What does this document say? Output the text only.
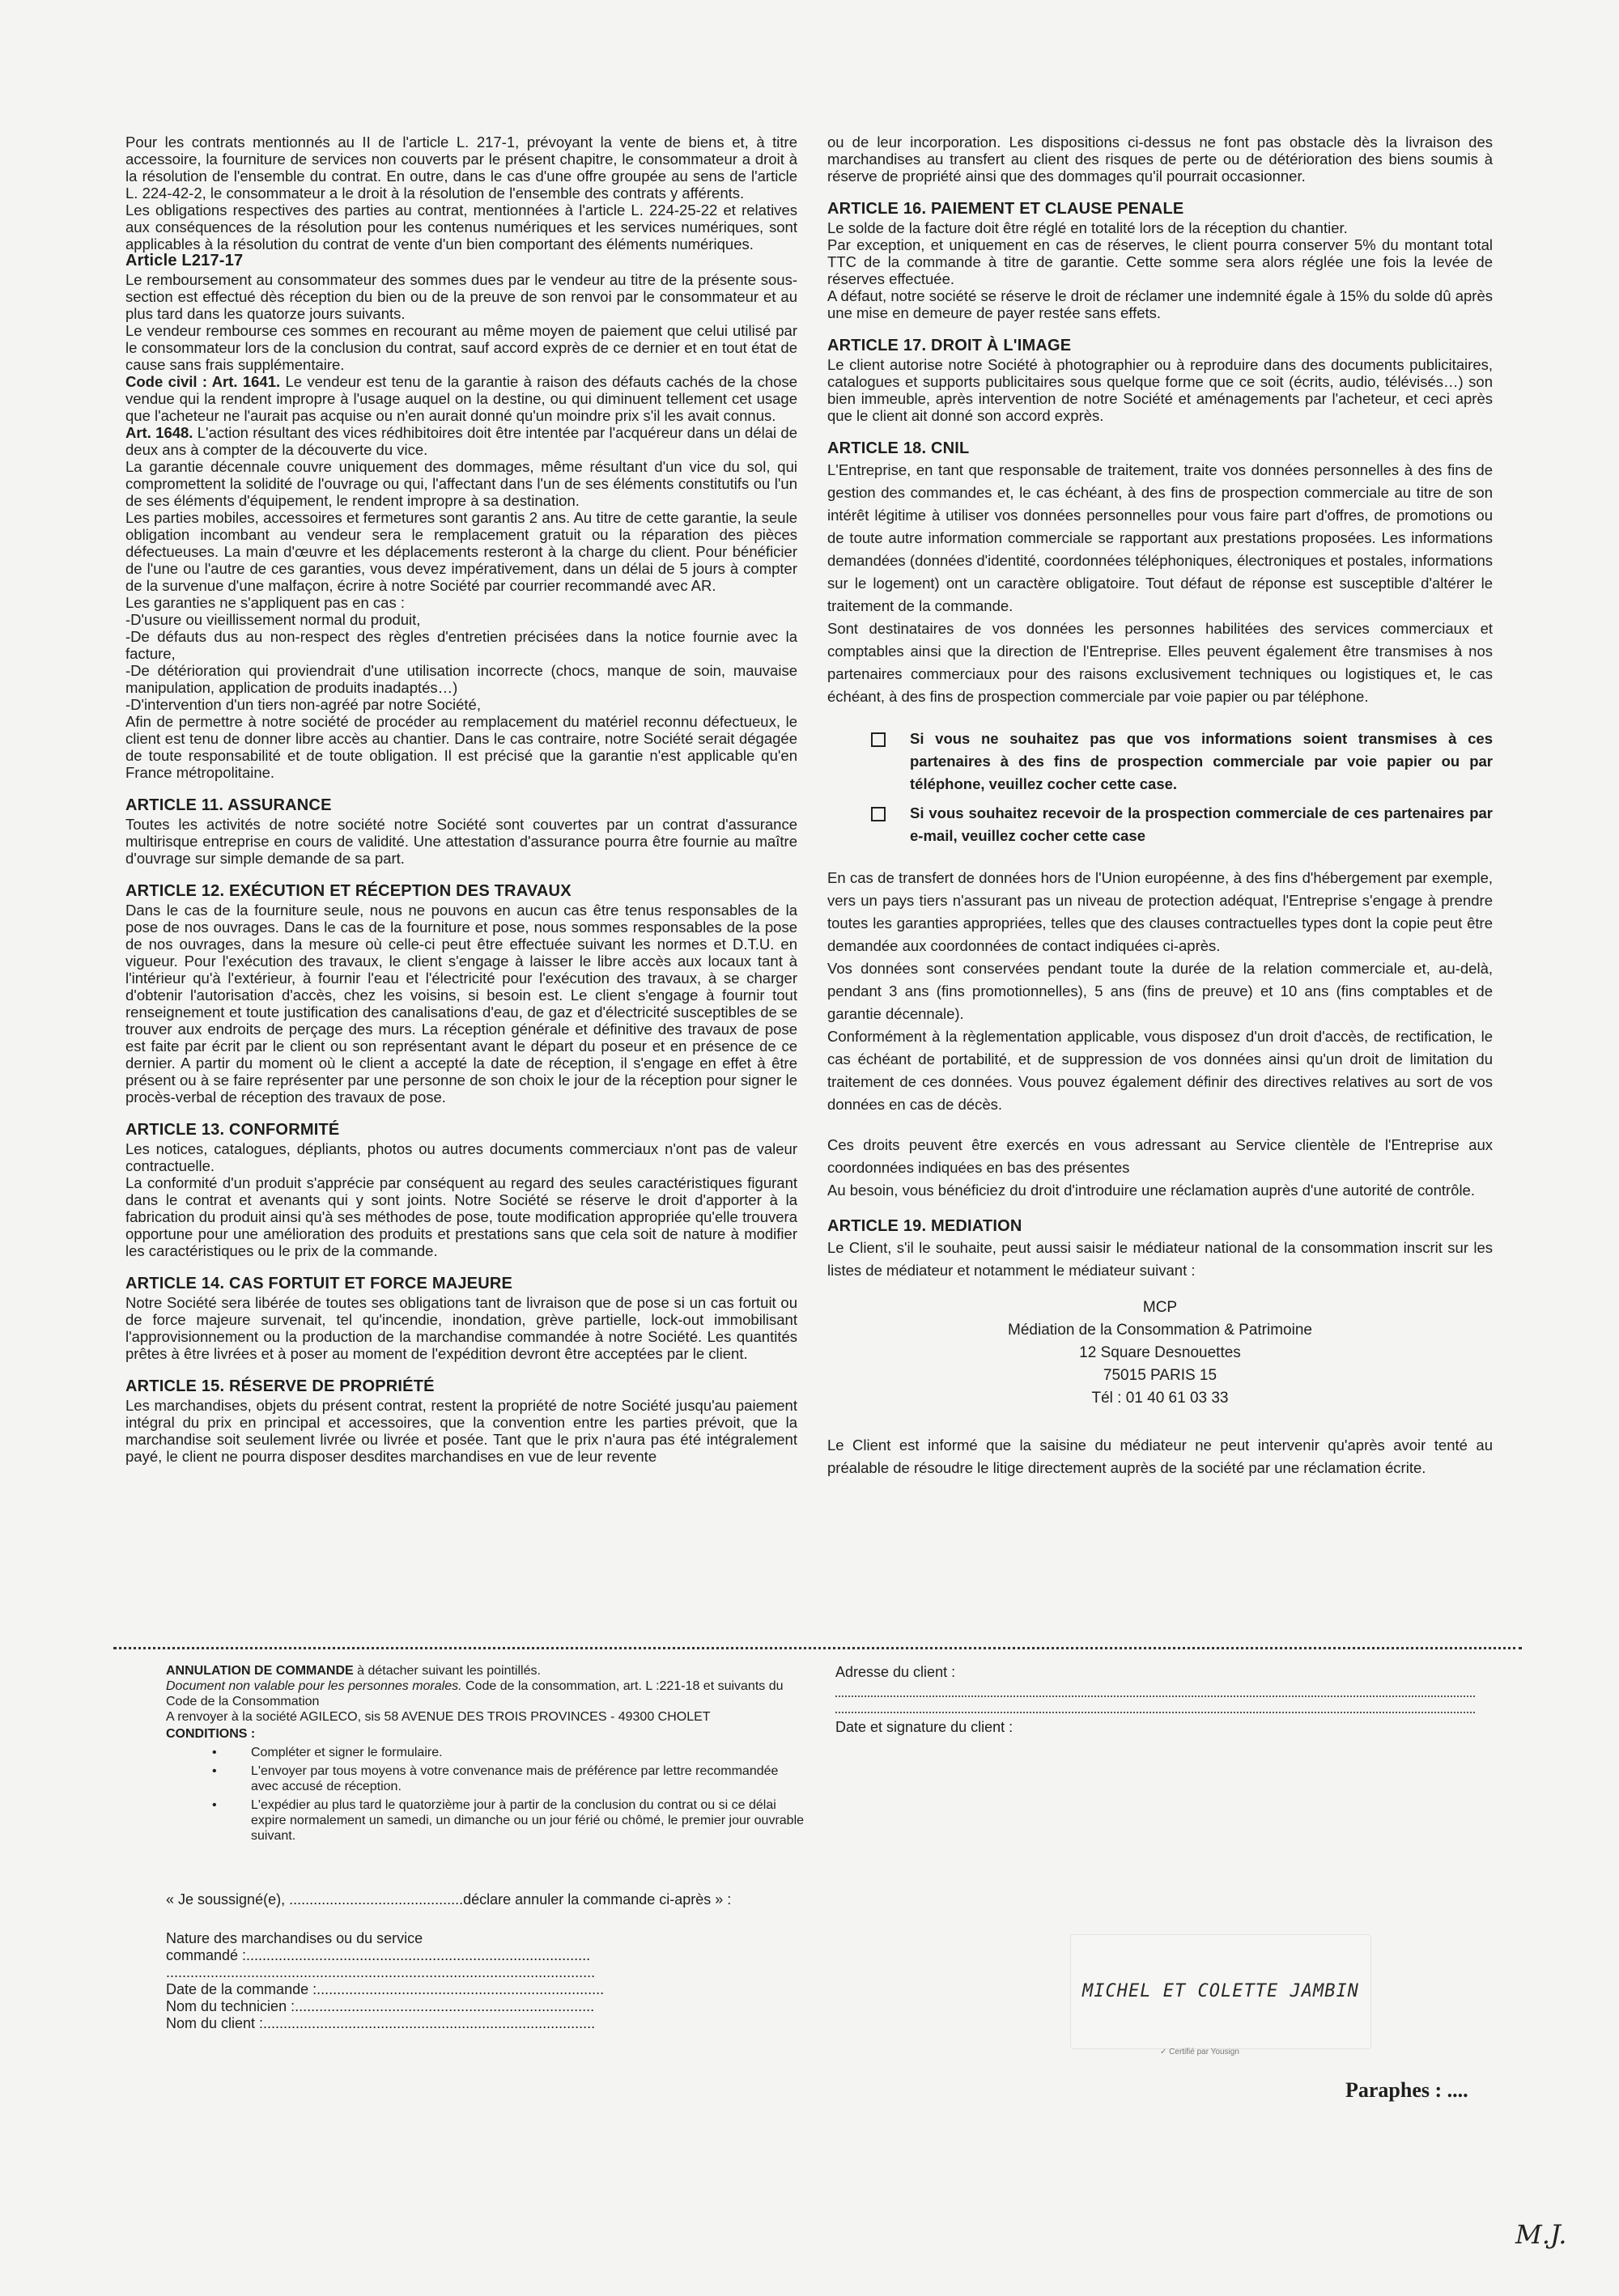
Pour les contrats mentionnés au II de l'article L. 217-1, prévoyant la vente de biens et, à titre accessoire, la fourniture de services non couverts par le présent chapitre, le consommateur a droit à la résolution de l'ensemble du contrat. En outre, dans le cas d'une offre groupée au sens de l'article L. 224-42-2, le consommateur a le droit à la résolution de l'ensemble des contrats y afférents.

Les obligations respectives des parties au contrat, mentionnées à l'article L. 224-25-22 et relatives aux conséquences de la résolution pour les contenus numériques et les services numériques, sont applicables à la résolution du contrat de vente d'un bien comportant des éléments numériques.

Article L217-17

Le remboursement au consommateur des sommes dues par le vendeur au titre de la présente sous-section est effectué dès réception du bien ou de la preuve de son renvoi par le consommateur et au plus tard dans les quatorze jours suivants.

Le vendeur rembourse ces sommes en recourant au même moyen de paiement que celui utilisé par le consommateur lors de la conclusion du contrat, sauf accord exprès de ce dernier et en tout état de cause sans frais supplémentaire.

Code civil : Art. 1641. Le vendeur est tenu de la garantie à raison des défauts cachés de la chose vendue qui la rendent impropre à l'usage auquel on la destine, ou qui diminuent tellement cet usage que l'acheteur ne l'aurait pas acquise ou n'en aurait donné qu'un moindre prix s'il les avait connus.

Art. 1648. L'action résultant des vices rédhibitoires doit être intentée par l'acquéreur dans un délai de deux ans à compter de la découverte du vice.

La garantie décennale couvre uniquement des dommages, même résultant d'un vice du sol, qui compromettent la solidité de l'ouvrage ou qui, l'affectant dans l'un de ses éléments constitutifs ou l'un de ses éléments d'équipement, le rendent impropre à sa destination.

Les parties mobiles, accessoires et fermetures sont garantis 2 ans. Au titre de cette garantie, la seule obligation incombant au vendeur sera le remplacement gratuit ou la réparation des pièces défectueuses. La main d'œuvre et les déplacements resteront à la charge du client. Pour bénéficier de l'une ou l'autre de ces garanties, vous devez impérativement, dans un délai de 5 jours à compter de la survenue d'une malfaçon, écrire à notre Société par courrier recommandé avec AR.

Les garanties ne s'appliquent pas en cas :

-D'usure ou vieillissement normal du produit,

-De défauts dus au non-respect des règles d'entretien précisées dans la notice fournie avec la facture,

-De détérioration qui proviendrait d'une utilisation incorrecte (chocs, manque de soin, mauvaise manipulation, application de produits inadaptés…)

-D'intervention d'un tiers non-agréé par notre Société,

Afin de permettre à notre société de procéder au remplacement du matériel reconnu défectueux, le client est tenu de donner libre accès au chantier. Dans le cas contraire, notre Société serait dégagée de toute responsabilité et de toute obligation. Il est précisé que la garantie n'est applicable qu'en France métropolitaine.

ARTICLE 11. ASSURANCE

Toutes les activités de notre société notre Société sont couvertes par un contrat d'assurance multirisque entreprise en cours de validité. Une attestation d'assurance pourra être fournie au maître d'ouvrage sur simple demande de sa part.

ARTICLE 12. EXÉCUTION ET RÉCEPTION DES TRAVAUX

Dans le cas de la fourniture seule, nous ne pouvons en aucun cas être tenus responsables de la pose de nos ouvrages. Dans le cas de la fourniture et pose, nous sommes responsables de la pose de nos ouvrages, dans la mesure où celle-ci peut être effectuée suivant les normes et D.T.U. en vigueur. Pour l'exécution des travaux, le client s'engage à laisser le libre accès aux locaux tant à l'intérieur qu'à l'extérieur, à fournir l'eau et l'électricité pour l'exécution des travaux, à se charger d'obtenir l'autorisation d'accès, chez les voisins, si besoin est. Le client s'engage à fournir tout renseignement et toute justification des canalisations d'eau, de gaz et d'électricité susceptibles de se trouver aux endroits de perçage des murs. La réception générale et définitive des travaux de pose est faite par écrit par le client ou son représentant avant le départ du poseur et en présence de ce dernier. A partir du moment où le client a accepté la date de réception, il s'engage en effet à être présent ou à se faire représenter par une personne de son choix le jour de la réception pour signer le procès-verbal de réception des travaux de pose.

ARTICLE 13. CONFORMITÉ

Les notices, catalogues, dépliants, photos ou autres documents commerciaux n'ont pas de valeur contractuelle.

La conformité d'un produit s'apprécie par conséquent au regard des seules caractéristiques figurant dans le contrat et avenants qui y sont joints. Notre Société se réserve le droit d'apporter à la fabrication du produit ainsi qu'à ses méthodes de pose, toute modification appropriée qu'elle trouvera opportune pour une amélioration des produits et prestations sans que cela soit de nature à modifier les caractéristiques ou le prix de la commande.

ARTICLE 14. CAS FORTUIT ET FORCE MAJEURE

Notre Société sera libérée de toutes ses obligations tant de livraison que de pose si un cas fortuit ou de force majeure survenait, tel qu'incendie, inondation, grève partielle, lock-out immobilisant l'approvisionnement ou la production de la marchandise commandée à notre Société. Les quantités prêtes à être livrées et à poser au moment de l'expédition devront être acceptées par le client.

ARTICLE 15. RÉSERVE DE PROPRIÉTÉ

Les marchandises, objets du présent contrat, restent la propriété de notre Société jusqu'au paiement intégral du prix en principal et accessoires, que la convention entre les parties prévoit, que la marchandise soit seulement livrée ou livrée et posée. Tant que le prix n'aura pas été intégralement payé, le client ne pourra disposer desdites marchandises en vue de leur revente

ou de leur incorporation. Les dispositions ci-dessus ne font pas obstacle dès la livraison des marchandises au transfert au client des risques de perte ou de détérioration des biens soumis à réserve de propriété ainsi que des dommages qu'il pourrait occasionner.

ARTICLE 16. PAIEMENT ET CLAUSE PENALE

Le solde de la facture doit être réglé en totalité lors de la réception du chantier.

Par exception, et uniquement en cas de réserves, le client pourra conserver 5% du montant total TTC de la commande à titre de garantie. Cette somme sera alors réglée une fois la levée de réserves effectuée.

A défaut, notre société se réserve le droit de réclamer une indemnité égale à 15% du solde dû après une mise en demeure de payer restée sans effets.

ARTICLE 17. DROIT À L'IMAGE

Le client autorise notre Société à photographier ou à reproduire dans des documents publicitaires, catalogues et supports publicitaires sous quelque forme que ce soit (écrits, audio, télévisés…) son bien immeuble, après intervention de notre Société et aménagements par l'acheteur, et ceci après que le client ait donné son accord exprès.

ARTICLE 18. CNIL

L'Entreprise, en tant que responsable de traitement, traite vos données personnelles à des fins de gestion des commandes et, le cas échéant, à des fins de prospection commerciale au titre de son intérêt légitime à utiliser vos données personnelles pour vous faire part d'offres, de promotions ou de toute autre information commerciale se rapportant aux prestations proposées. Les informations demandées (données d'identité, coordonnées téléphoniques, électroniques et postales, informations sur le logement) ont un caractère obligatoire. Tout défaut de réponse est susceptible d'altérer le traitement de la commande.

Sont destinataires de vos données les personnes habilitées des services commerciaux et comptables ainsi que la direction de l'Entreprise. Elles peuvent également être transmises à nos partenaires commerciaux pour des raisons exclusivement techniques ou logistiques et, le cas échéant, à des fins de prospection commerciale par voie papier ou par téléphone.

Si vous ne souhaitez pas que vos informations soient transmises à ces partenaires à des fins de prospection commerciale par voie papier ou par téléphone, veuillez cocher cette case.
Si vous souhaitez recevoir de la prospection commerciale de ces partenaires par e-mail, veuillez cocher cette case

En cas de transfert de données hors de l'Union européenne, à des fins d'hébergement par exemple, vers un pays tiers n'assurant pas un niveau de protection adéquat, l'Entreprise s'engage à prendre toutes les garanties appropriées, telles que des clauses contractuelles types dont la copie peut être demandée aux coordonnées de contact indiquées ci-après.

Vos données sont conservées pendant toute la durée de la relation commerciale et, au-delà, pendant 3 ans (fins promotionnelles), 5 ans (fins de preuve) et 10 ans (fins comptables et de garantie décennale).

Conformément à la règlementation applicable, vous disposez d'un droit d'accès, de rectification, le cas échéant de portabilité, et de suppression de vos données ainsi qu'un droit de limitation du traitement de ces données. Vous pouvez également définir des directives relatives au sort de vos données en cas de décès.

Ces droits peuvent être exercés en vous adressant au Service clientèle de l'Entreprise aux coordonnées indiquées en bas des présentes

Au besoin, vous bénéficiez du droit d'introduire une réclamation auprès d'une autorité de contrôle.

ARTICLE 19. MEDIATION

Le Client, s'il le souhaite, peut aussi saisir le médiateur national de la consommation inscrit sur les listes de médiateur et notamment le médiateur suivant :

MCP
Médiation de la Consommation & Patrimoine
12 Square Desnouettes
75015 PARIS 15
Tél : 01 40 61 03 33

Le Client est informé que la saisine du médiateur ne peut intervenir qu'après avoir tenté au préalable de résoudre le litige directement auprès de la société par une réclamation écrite.

ANNULATION DE COMMANDE à détacher suivant les pointillés.

Document non valable pour les personnes morales. Code de la consommation, art. L :221-18 et suivants du Code de la Consommation

A renvoyer à la société AGILECO, sis 58 AVENUE DES TROIS PROVINCES - 49300 CHOLET

CONDITIONS :

• Compléter et signer le formulaire.
• L'envoyer par tous moyens à votre convenance mais de préférence par lettre recommandée avec accusé de réception.
• L'expédier au plus tard le quatorzième jour à partir de la conclusion du contrat ou si ce délai expire normalement un samedi, un dimanche ou un jour férié ou chômé, le premier jour ouvrable suivant.

« Je soussigné(e), ...........................................déclare annuler la commande ci-après » :

Nature des marchandises ou du service
commandé :.....................................................................................
..........................................................................................................
Date de la commande :.......................................................................
Nom du technicien :..........................................................................
Nom du client :..................................................................................
Adresse du client :
Date et signature du client :
MICHEL ET COLETTE JAMBIN
✓ Certifié par Yousign
Paraphes : ....
M.J.
